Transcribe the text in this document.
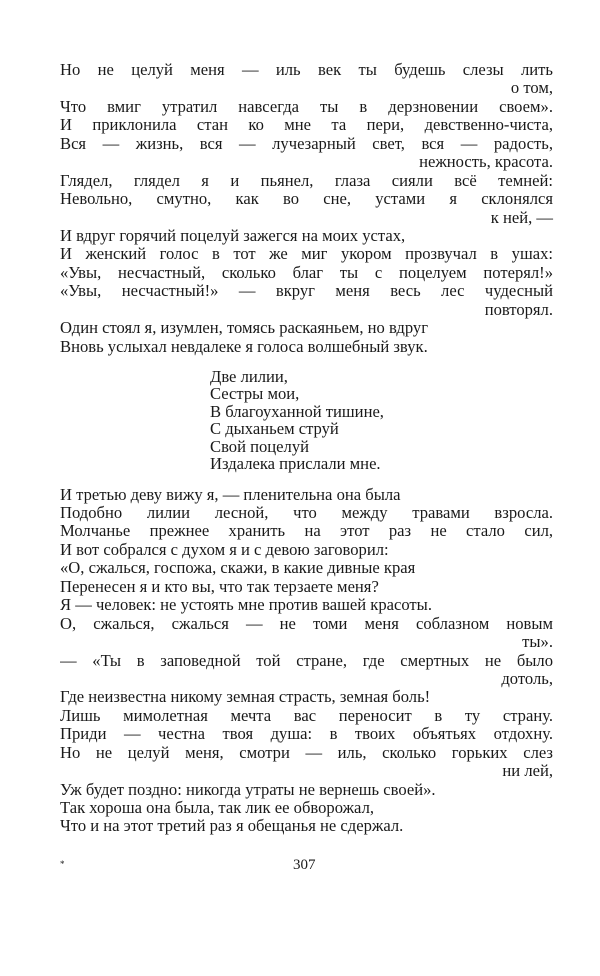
Но не целуй меня — иль век ты будешь слезы лить
о том,
Что вмиг утратил навсегда ты в дерзновении своем».
И приклонила стан ко мне та пери, девственно-чиста,
Вся — жизнь, вся — лучезарный свет, вся — радость,
нежность, красота.
Глядел, глядел я и пьянел, глаза сияли всё темней:
Невольно, смутно, как во сне, устами я склонялся
к ней, —
И вдруг горячий поцелуй зажегся на моих устах,
И женский голос в тот же миг укором прозвучал в ушах:
«Увы, несчастный, сколько благ ты с поцелуем потерял!»
«Увы, несчастный!» — вкруг меня весь лес чудесный
повторял.
Один стоял я, изумлен, томясь раскаяньем, но вдруг
Вновь услыхал невдалеке я голоса волшебный звук.
Две лилии,
Сестры мои,
В благоуханной тишине,
С дыханьем струй
Свой поцелуй
Издалека прислали мне.
И третью деву вижу я, — пленительна она была
Подобно лилии лесной, что между травами взросла.
Молчанье прежнее хранить на этот раз не стало сил,
И вот собрался с духом я и с девою заговорил:
«О, сжалься, госпожа, скажи, в какие дивные края
Перенесен я и кто вы, что так терзаете меня?
Я — человек: не устоять мне против вашей красоты.
О, сжалься, сжалься — не томи меня соблазном новым
ты».
— «Ты в заповедной той стране, где смертных не было
дотоль,
Где неизвестна никому земная страсть, земная боль!
Лишь мимолетная мечта вас переносит в ту страну.
Приди — честна твоя душа: в твоих объятьях отдохну.
Но не целуй меня, смотри — иль, сколько горьких слез
ни лей,
Уж будет поздно: никогда утраты не вернешь своей».
Так хороша она была, так лик ее обворожал,
Что и на этот третий раз я обещанья не сдержал.
*	307
